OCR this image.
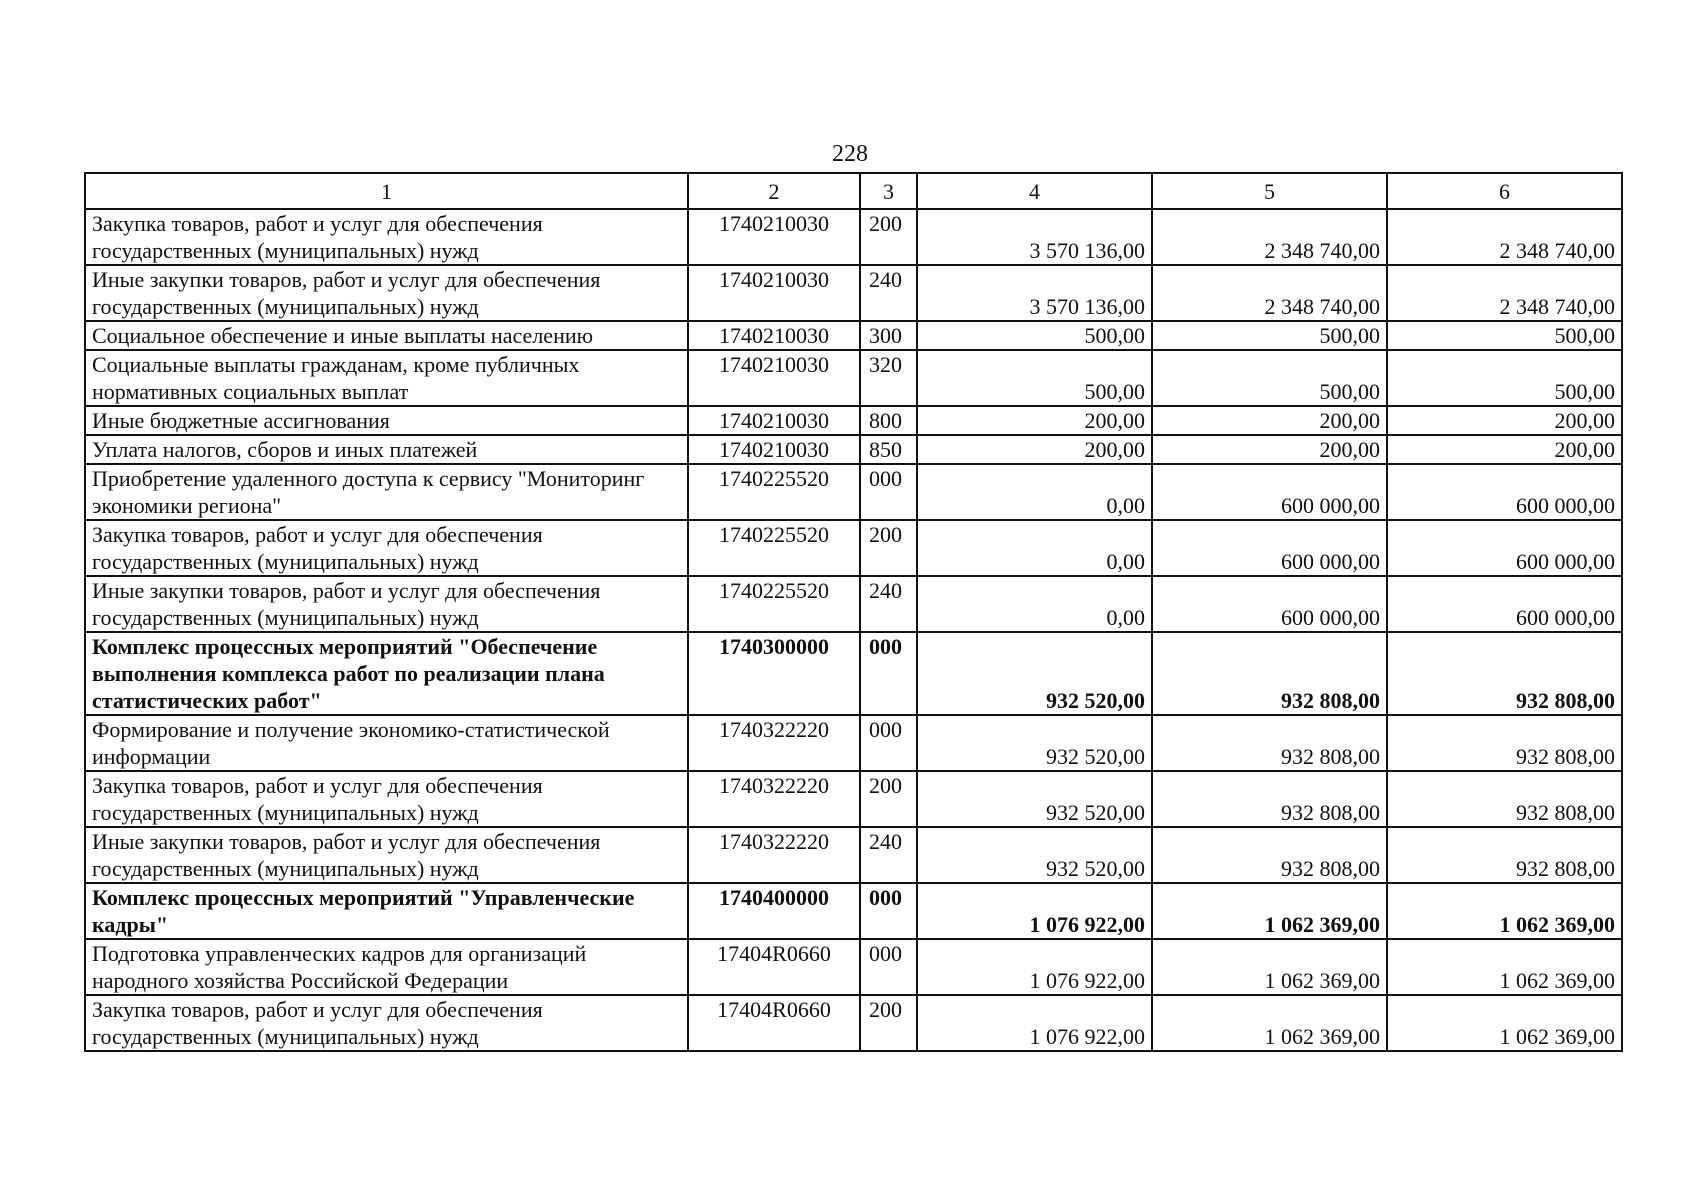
228
1	2	3	4	5	6
Закупка товаров, работ и услуг для обеспечения государственных (муниципальных) нужд	1740210030	200	3 570 136,00	2 348 740,00	2 348 740,00
Иные закупки товаров, работ и услуг для обеспечения государственных (муниципальных) нужд	1740210030	240	3 570 136,00	2 348 740,00	2 348 740,00
Социальное обеспечение и иные выплаты населению	1740210030	300	500,00	500,00	500,00
Социальные выплаты гражданам, кроме публичных нормативных социальных выплат	1740210030	320	500,00	500,00	500,00
Иные бюджетные ассигнования	1740210030	800	200,00	200,00	200,00
Уплата налогов, сборов и иных платежей	1740210030	850	200,00	200,00	200,00
Приобретение удаленного доступа к сервису "Мониторинг экономики региона"	1740225520	000	0,00	600 000,00	600 000,00
Закупка товаров, работ и услуг для обеспечения государственных (муниципальных) нужд	1740225520	200	0,00	600 000,00	600 000,00
Иные закупки товаров, работ и услуг для обеспечения государственных (муниципальных) нужд	1740225520	240	0,00	600 000,00	600 000,00
Комплекс процессных мероприятий "Обеспечение выполнения комплекса работ по реализации плана статистических работ"	1740300000	000	932 520,00	932 808,00	932 808,00
Формирование и получение экономико-статистической информации	1740322220	000	932 520,00	932 808,00	932 808,00
Закупка товаров, работ и услуг для обеспечения государственных (муниципальных) нужд	1740322220	200	932 520,00	932 808,00	932 808,00
Иные закупки товаров, работ и услуг для обеспечения государственных (муниципальных) нужд	1740322220	240	932 520,00	932 808,00	932 808,00
Комплекс процессных мероприятий "Управленческие кадры"	1740400000	000	1 076 922,00	1 062 369,00	1 062 369,00
Подготовка управленческих кадров для организаций народного хозяйства Российской Федерации	17404R0660	000	1 076 922,00	1 062 369,00	1 062 369,00
Закупка товаров, работ и услуг для обеспечения государственных (муниципальных) нужд	17404R0660	200	1 076 922,00	1 062 369,00	1 062 369,00
